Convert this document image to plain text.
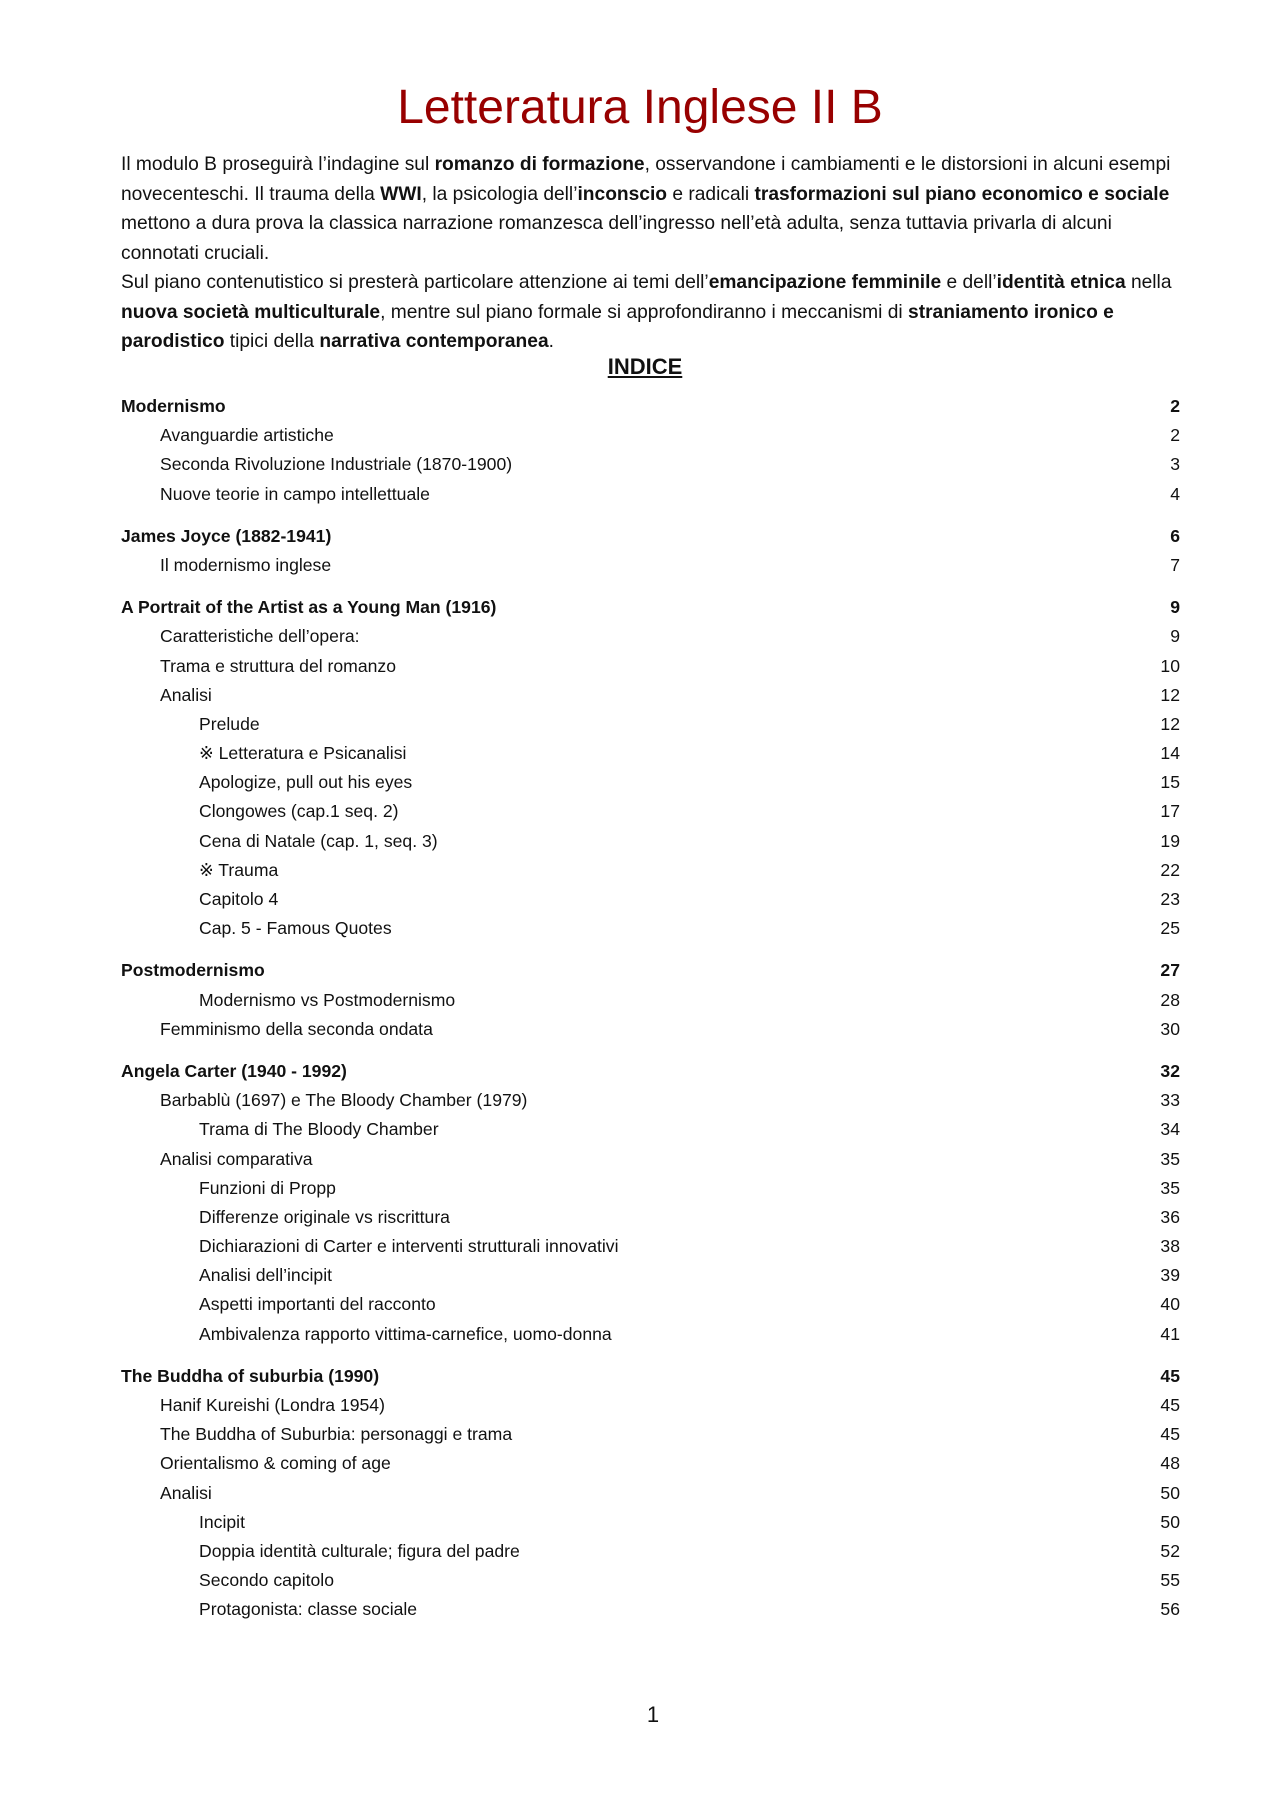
Letteratura Inglese II B

Il modulo B proseguirà l’indagine sul romanzo di formazione, osservandone i cambiamenti e le distorsioni in alcuni esempi novecenteschi. Il trauma della WWI, la psicologia dell’inconscio e radicali trasformazioni sul piano economico e sociale mettono a dura prova la classica narrazione romanzesca dell’ingresso nell’età adulta, senza tuttavia privarla di alcuni connotati cruciali.

Sul piano contenutistico si presterà particolare attenzione ai temi dell’emancipazione femminile e dell’identità etnica nella nuova società multiculturale, mentre sul piano formale si approfondiranno i meccanismi di straniamento ironico e parodistico tipici della narrativa contemporanea.

INDICE
Modernismo	2
Avanguardie artistiche	2
Seconda Rivoluzione Industriale (1870-1900)	3
Nuove teorie in campo intellettuale	4
James Joyce (1882-1941)	6
Il modernismo inglese	7
A Portrait of the Artist as a Young Man (1916)	9
Caratteristiche dell’opera:	9
Trama e struttura del romanzo	10
Analisi	12
Prelude	12
※ Letteratura e Psicanalisi	14
Apologize, pull out his eyes	15
Clongowes (cap.1 seq. 2)	17
Cena di Natale (cap. 1, seq. 3)	19
※ Trauma	22
Capitolo 4	23
Cap. 5 - Famous Quotes	25
Postmodernismo	27
Modernismo vs Postmodernismo	28
Femminismo della seconda ondata	30
Angela Carter (1940 - 1992)	32
Barbablù (1697) e The Bloody Chamber (1979)	33
Trama di The Bloody Chamber	34
Analisi comparativa	35
Funzioni di Propp	35
Differenze originale vs riscrittura	36
Dichiarazioni di Carter e interventi strutturali innovativi	38
Analisi dell’incipit	39
Aspetti importanti del racconto	40
Ambivalenza rapporto vittima-carnefice, uomo-donna	41
The Buddha of suburbia (1990)	45
Hanif Kureishi (Londra 1954)	45
The Buddha of Suburbia: personaggi e trama	45
Orientalismo & coming of age	48
Analisi	50
Incipit	50
Doppia identità culturale; figura del padre	52
Secondo capitolo	55
Protagonista: classe sociale	56
1
